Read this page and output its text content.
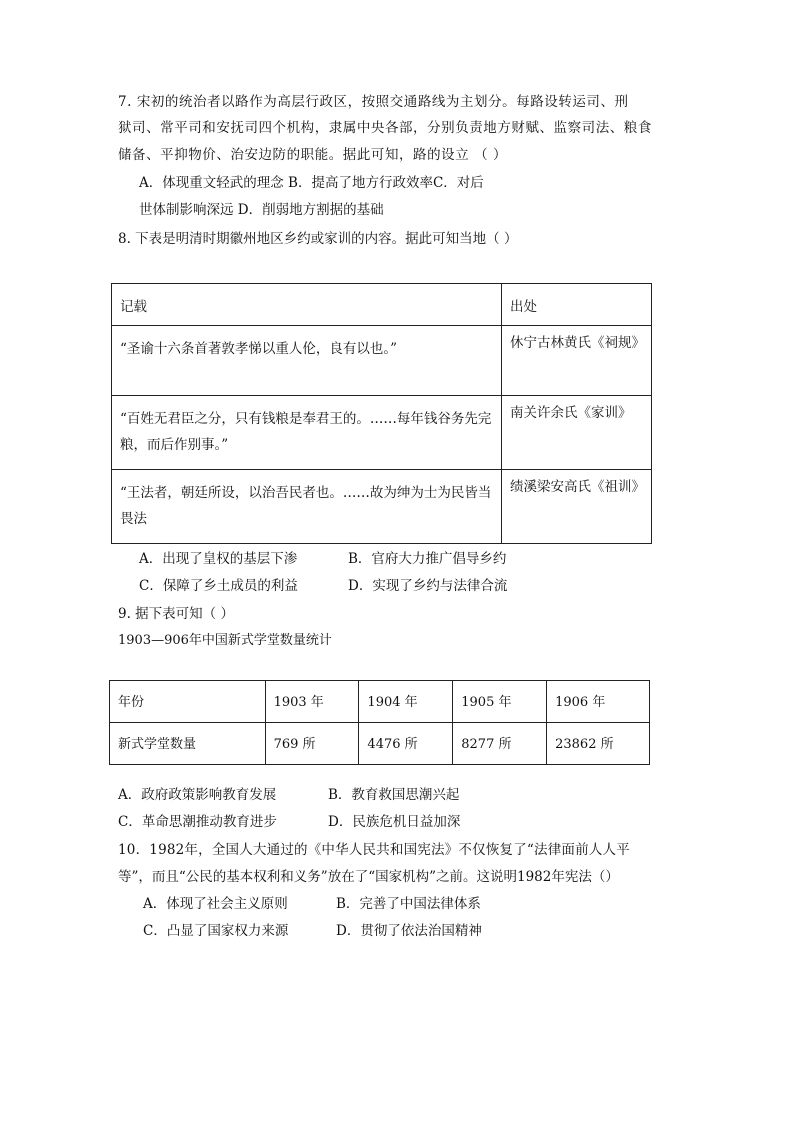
7. 宋初的统治者以路作为高层行政区，按照交通路线为主划分。每路设转运司、刑
狱司、常平司和安抚司四个机构，隶属中央各部，分别负责地方财赋、监察司法、粮食
储备、平抑物价、治安边防的职能。据此可知，路的设立 （ ）
A．体现重文轻武的理念 B．提高了地方行政效率C．对后
世体制影响深远 D．削弱地方割据的基础
8. 下表是明清时期徽州地区乡约或家训的内容。据此可知当地（ ）
记载	出处
“圣谕十六条首著敦孝悌以重人伦，良有以也。”	休宁古林黄氏《祠规》
“百姓无君臣之分，只有钱粮是奉君王的。……每年钱谷务先完粮，而后作别事。”	南关许余氏《家训》
“王法者，朝廷所设，以治吾民者也。……故为绅为士为民皆当畏法	绩溪梁安高氏《祖训》
A．出现了皇权的基层下渗	B．官府大力推广倡导乡约
C．保障了乡土成员的利益	D．实现了乡约与法律合流
9. 据下表可知（ ）
1903—906年中国新式学堂数量统计
年份	1903 年	1904 年	1905 年	1906 年
新式学堂数量	769 所	4476 所	8277 所	23862 所
A．政府政策影响教育发展	B．教育救国思潮兴起
C．革命思潮推动教育进步	D．民族危机日益加深
10．1982年，全国人大通过的《中华人民共和国宪法》不仅恢复了“法律面前人人平
等”，而且“公民的基本权利和义务”放在了“国家机构”之前。这说明1982年宪法（）
A．体现了社会主义原则	B．完善了中国法律体系
C．凸显了国家权力来源	D．贯彻了依法治国精神
